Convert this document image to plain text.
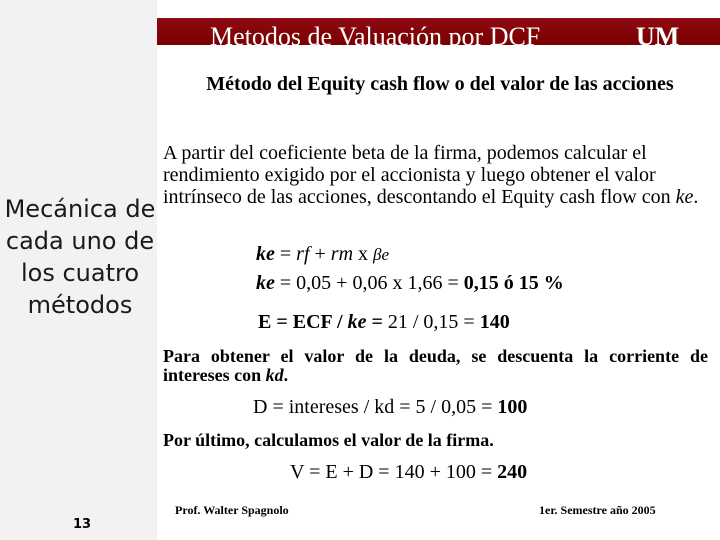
Metodos de Valuación por DCF	UM
Método del Equity cash flow o del valor de las acciones
Mecánica de
cada uno de
los cuatro
métodos
A partir del coeficiente beta de la firma, podemos calcular el rendimiento exigido por el accionista y luego obtener el valor intrínseco de las acciones, descontando el Equity cash flow con ke.
ke = rf + rm x βe
ke = 0,05 + 0,06 x 1,66 = 0,15 ó 15 %
E = ECF / ke = 21 / 0,15 = 140
Para obtener el valor de la deuda, se descuenta la corriente de intereses con kd.
D = intereses / kd = 5 / 0,05 = 100
Por último, calculamos el valor de la firma.
V = E + D = 140 + 100 = 240
Prof. Walter Spagnolo	1er. Semestre año 2005
13
